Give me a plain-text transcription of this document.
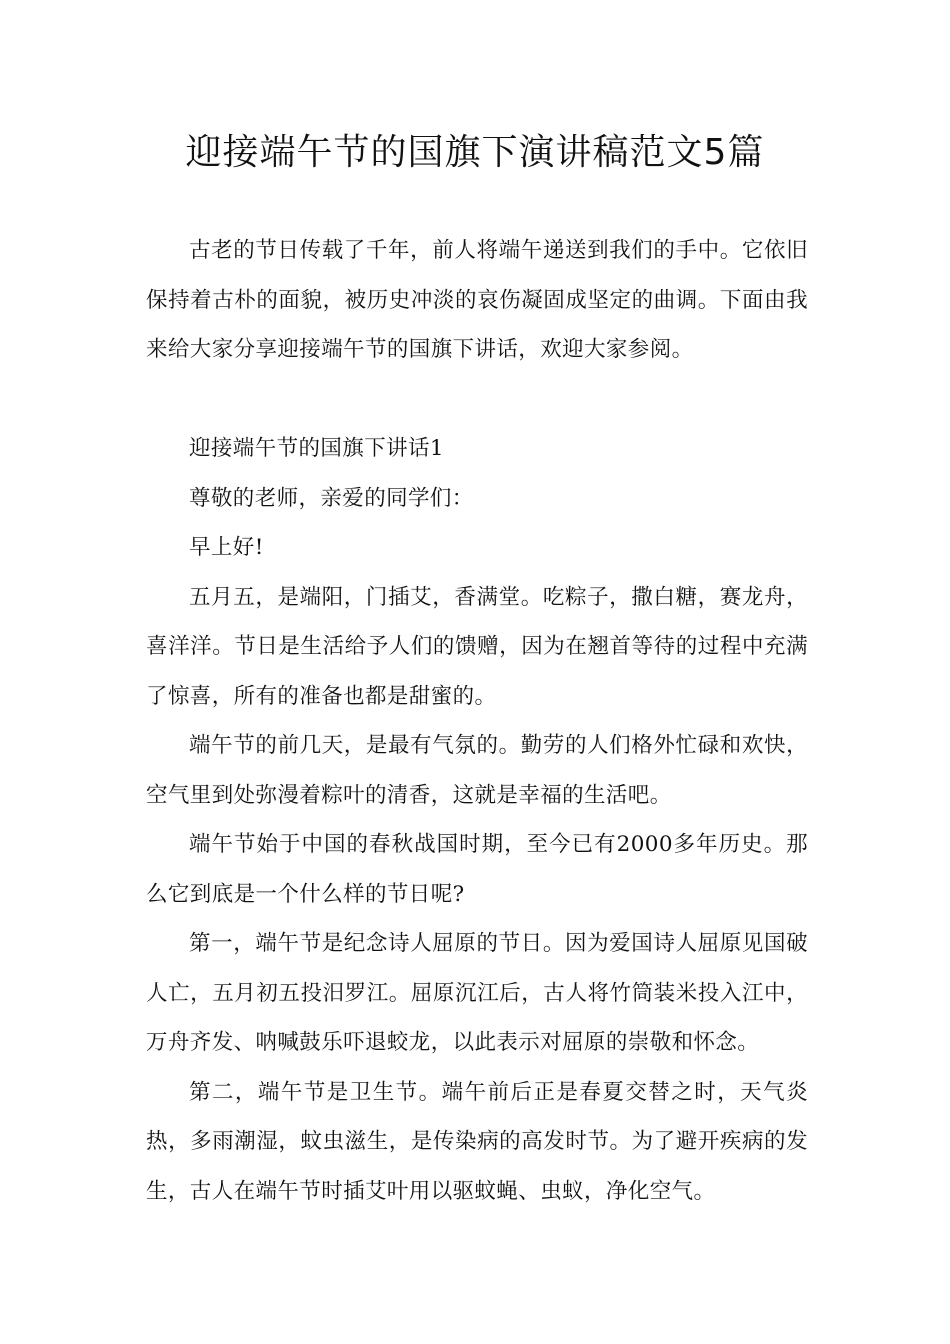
迎接端午节的国旗下演讲稿范文5篇

古老的节日传载了千年，前人将端午递送到我们的手中。它依旧保持着古朴的面貌，被历史冲淡的哀伤凝固成坚定的曲调。下面由我来给大家分享迎接端午节的国旗下讲话，欢迎大家参阅。

迎接端午节的国旗下讲话1

尊敬的老师，亲爱的同学们：

早上好!

五月五，是端阳，门插艾，香满堂。吃粽子，撒白糖，赛龙舟，喜洋洋。节日是生活给予人们的馈赠，因为在翘首等待的过程中充满了惊喜，所有的准备也都是甜蜜的。

端午节的前几天，是最有气氛的。勤劳的人们格外忙碌和欢快，空气里到处弥漫着粽叶的清香，这就是幸福的生活吧。

端午节始于中国的春秋战国时期，至今已有2000多年历史。那么它到底是一个什么样的节日呢?

第一，端午节是纪念诗人屈原的节日。因为爱国诗人屈原见国破人亡，五月初五投汨罗江。屈原沉江后，古人将竹筒装米投入江中，万舟齐发、呐喊鼓乐吓退蛟龙，以此表示对屈原的崇敬和怀念。

第二，端午节是卫生节。端午前后正是春夏交替之时，天气炎热，多雨潮湿，蚊虫滋生，是传染病的高发时节。为了避开疾病的发生，古人在端午节时插艾叶用以驱蚊蝇、虫蚁，净化空气。
